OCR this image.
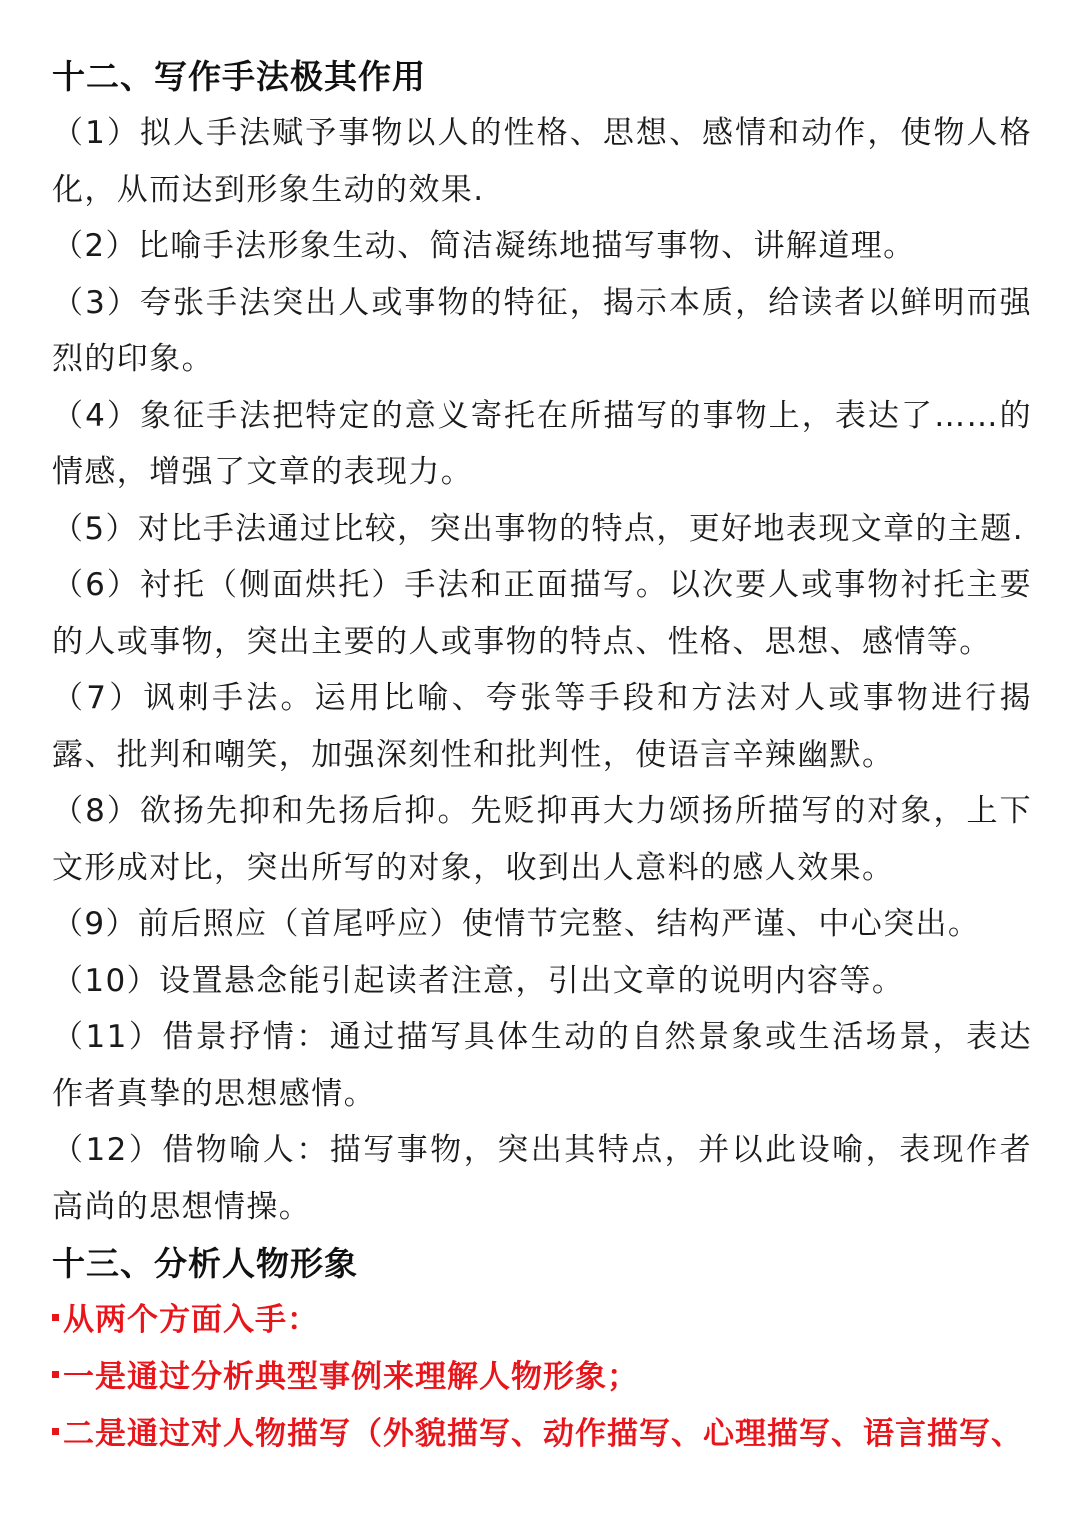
十二、写作手法极其作用

（1）拟人手法赋予事物以人的性格、思想、感情和动作，使物人格化，从而达到形象生动的效果.

（2）比喻手法形象生动、简洁凝练地描写事物、讲解道理。

（3）夸张手法突出人或事物的特征，揭示本质，给读者以鲜明而强烈的印象。

（4）象征手法把特定的意义寄托在所描写的事物上，表达了……的情感，增强了文章的表现力。

（5）对比手法通过比较，突出事物的特点，更好地表现文章的主题.

（6）衬托（侧面烘托）手法和正面描写。以次要人或事物衬托主要的人或事物，突出主要的人或事物的特点、性格、思想、感情等。

（7）讽刺手法。运用比喻、夸张等手段和方法对人或事物进行揭露、批判和嘲笑，加强深刻性和批判性，使语言辛辣幽默。

（8）欲扬先抑和先扬后抑。先贬抑再大力颂扬所描写的对象，上下文形成对比，突出所写的对象，收到出人意料的感人效果。

（9）前后照应（首尾呼应）使情节完整、结构严谨、中心突出。

（10）设置悬念能引起读者注意，引出文章的说明内容等。

（11）借景抒情：通过描写具体生动的自然景象或生活场景，表达作者真挚的思想感情。

（12）借物喻人：描写事物，突出其特点，并以此设喻，表现作者高尚的思想情操。

十三、分析人物形象
从两个方面入手：
一是通过分析典型事例来理解人物形象；
二是通过对人物描写（外貌描写、动作描写、心理描写、语言描写、
